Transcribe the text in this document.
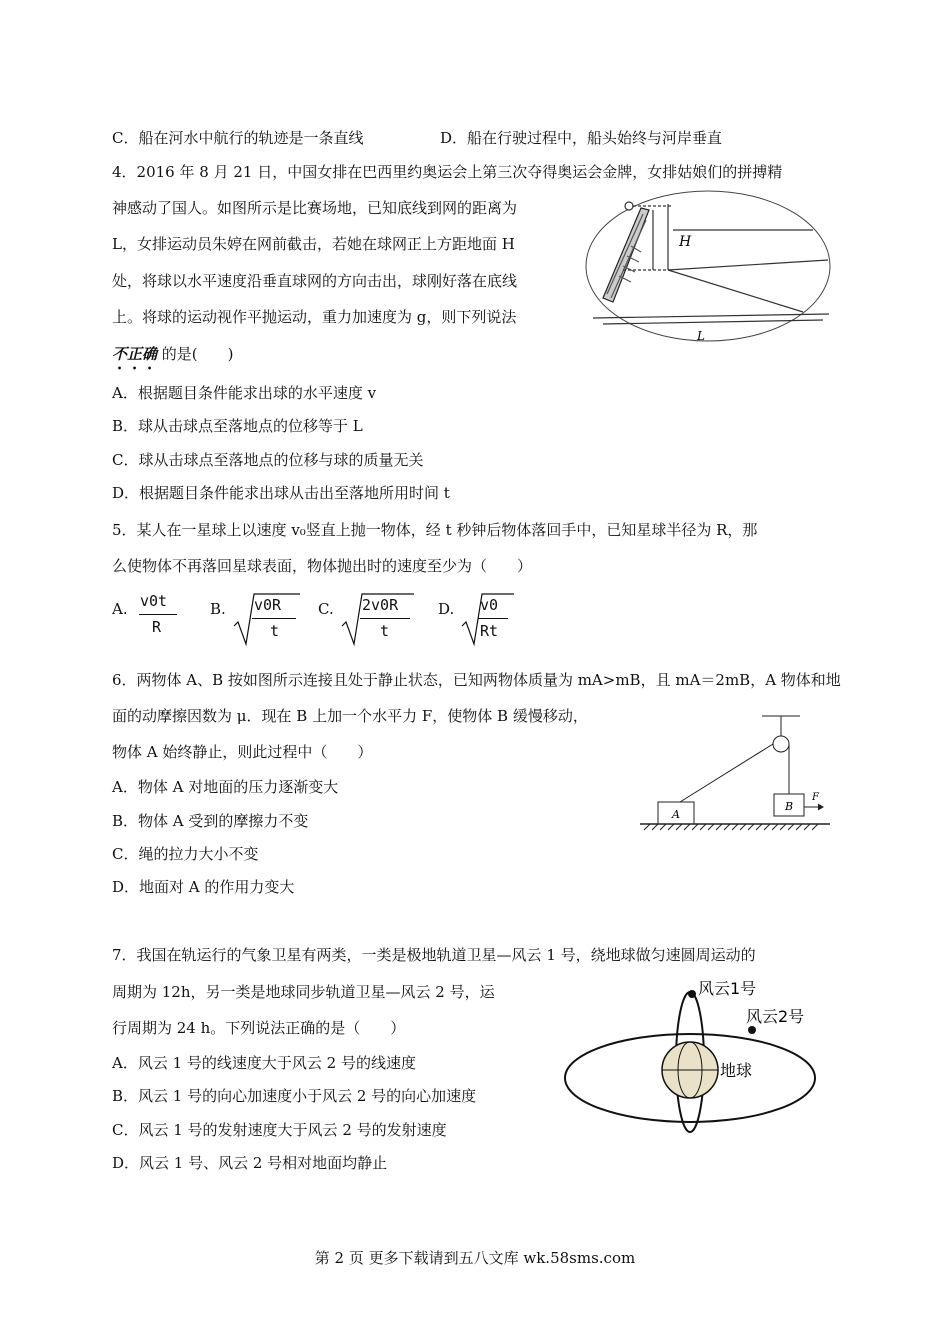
C．船在河水中航行的轨迹是一条直线	D．船在行驶过程中，船头始终与河岸垂直
4．2016 年 8 月 21 日，中国女排在巴西里约奥运会上第三次夺得奥运会金牌，女排姑娘们的拼搏精
神感动了国人。如图所示是比赛场地，已知底线到网的距离为
L，女排运动员朱婷在网前截击，若她在球网正上方距地面 H
处，将球以水平速度沿垂直球网的方向击出，球刚好落在底线
上。将球的运动视作平抛运动，重力加速度为 g，则下列说法
不正确 的是(　　)
A．根据题目条件能求出球的水平速度 v
B．球从击球点至落地点的位移等于 L
C．球从击球点至落地点的位移与球的质量无关
D．根据题目条件能求出球从击出至落地所用时间 t
H
L
5．某人在一星球上以速度 v₀竖直上抛一物体，经 t 秒钟后物体落回手中，已知星球半径为 R，那
么使物体不再落回星球表面，物体抛出时的速度至少为（　　）
A. v0t
R
B. v0R
t
C. 2v0R
t
D. v0
Rt
6．两物体 A、B 按如图所示连接且处于静止状态，已知两物体质量为 mA>mB，且 mA＝2mB，A 物体和地
面的动摩擦因数为 μ．现在 B 上加一个水平力 F，使物体 B 缓慢移动，
物体 A 始终静止，则此过程中（　　）
A．物体 A 对地面的压力逐渐变大
B．物体 A 受到的摩擦力不变
C．绳的拉力大小不变
D．地面对 A 的作用力变大
A
B
F
7．我国在轨运行的气象卫星有两类，一类是极地轨道卫星—风云 1 号，绕地球做匀速圆周运动的
周期为 12h，另一类是地球同步轨道卫星—风云 2 号，运
行周期为 24 h。下列说法正确的是（　　）
A．风云 1 号的线速度大于风云 2 号的线速度
B．风云 1 号的向心加速度小于风云 2 号的向心加速度
C．风云 1 号的发射速度大于风云 2 号的发射速度
D．风云 1 号、风云 2 号相对地面均静止
风云1号
风云2号
地球
第 2 页 更多下载请到五八文库 wk.58sms.com
